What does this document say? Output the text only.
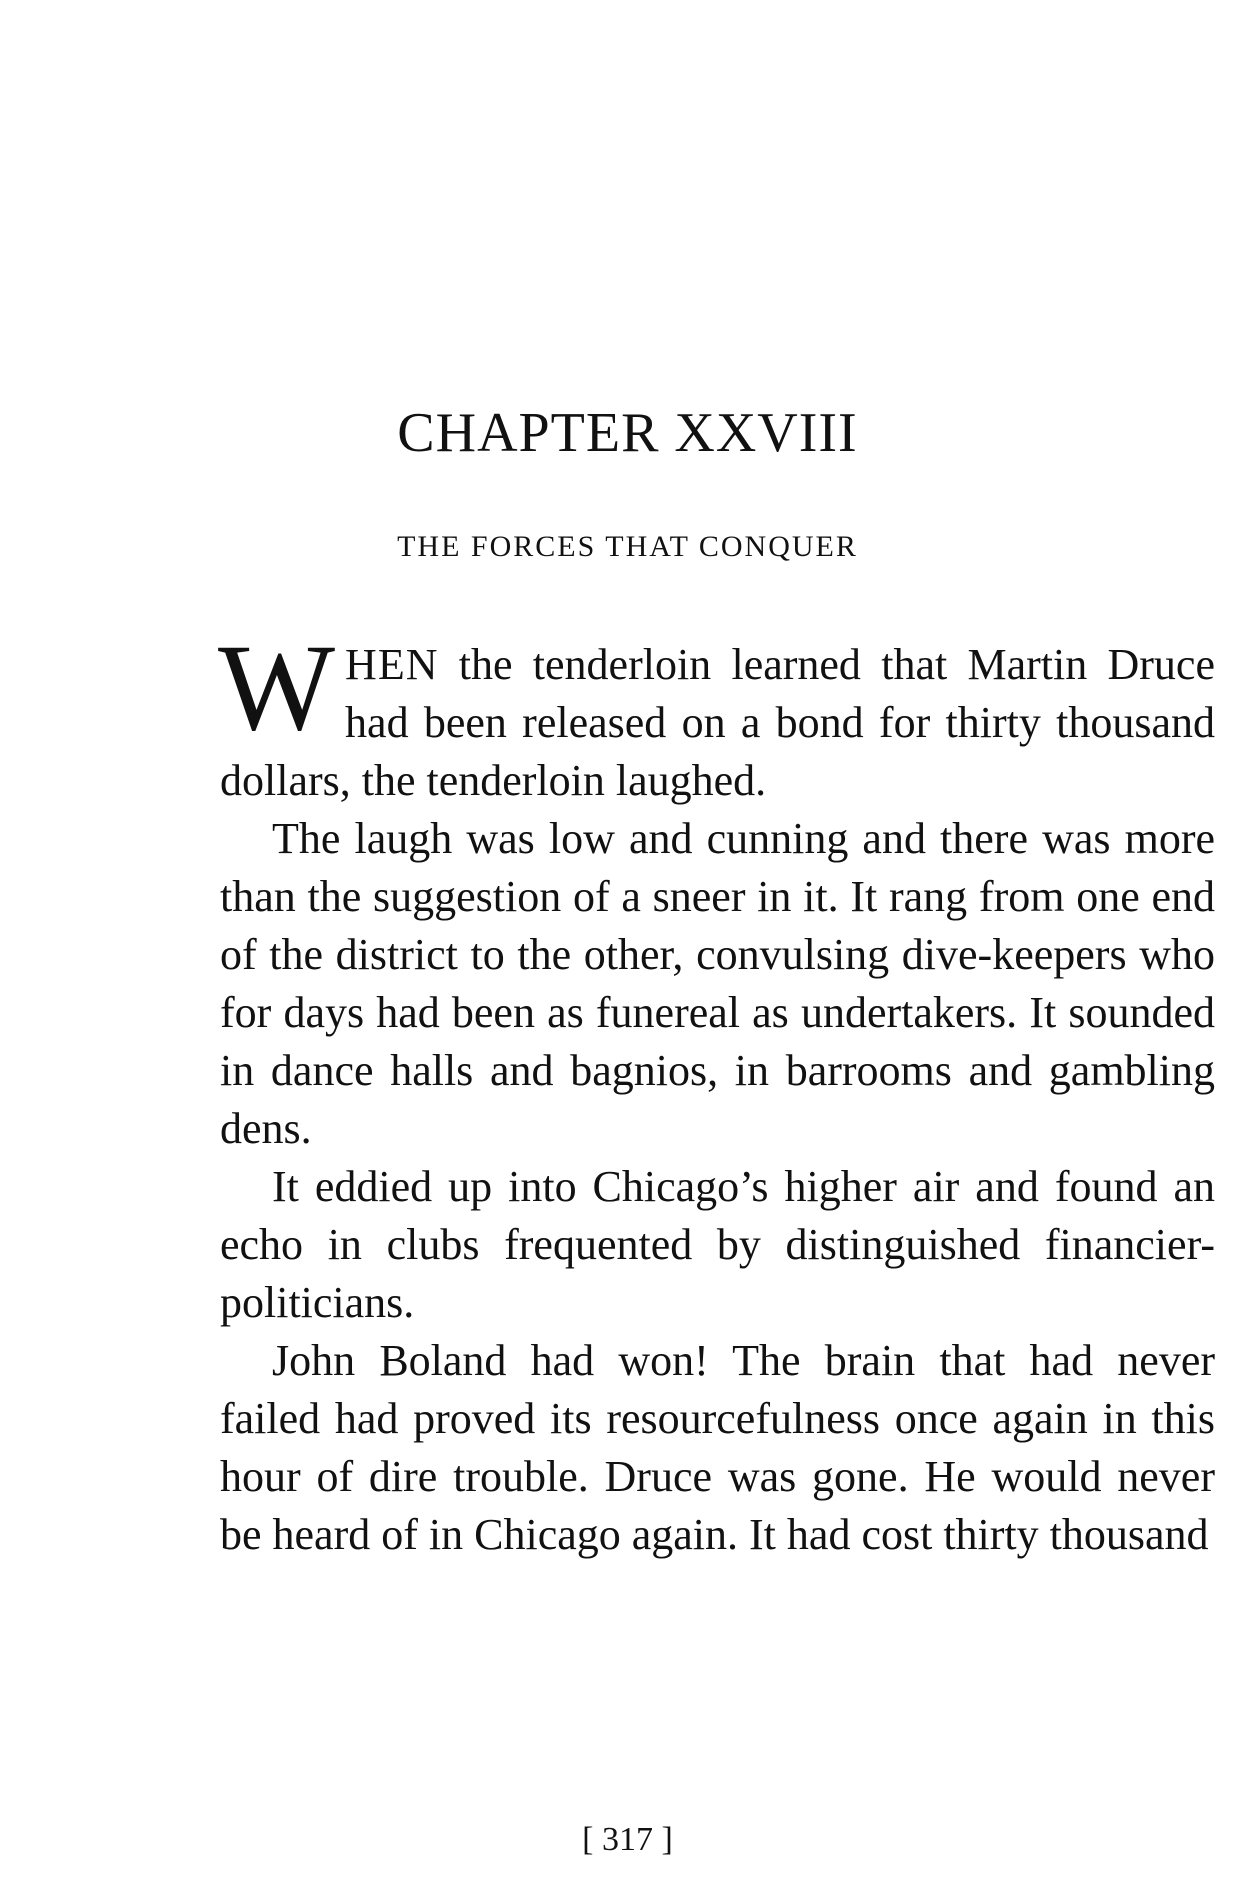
CHAPTER XXVIII
THE FORCES THAT CONQUER

WHEN the tenderloin learned that Martin Druce had been released on a bond for thirty thousand dollars, the tenderloin laughed.

The laugh was low and cunning and there was more than the suggestion of a sneer in it. It rang from one end of the district to the other, convulsing dive-keepers who for days had been as funereal as undertakers. It sounded in dance halls and bagnios, in barrooms and gambling dens.

It eddied up into Chicago’s higher air and found an echo in clubs frequented by distinguished financier-politicians.

John Boland had won! The brain that had never failed had proved its resourcefulness once again in this hour of dire trouble. Druce was gone. He would never be heard of in Chicago again. It had cost thirty thousand

[ 317 ]
